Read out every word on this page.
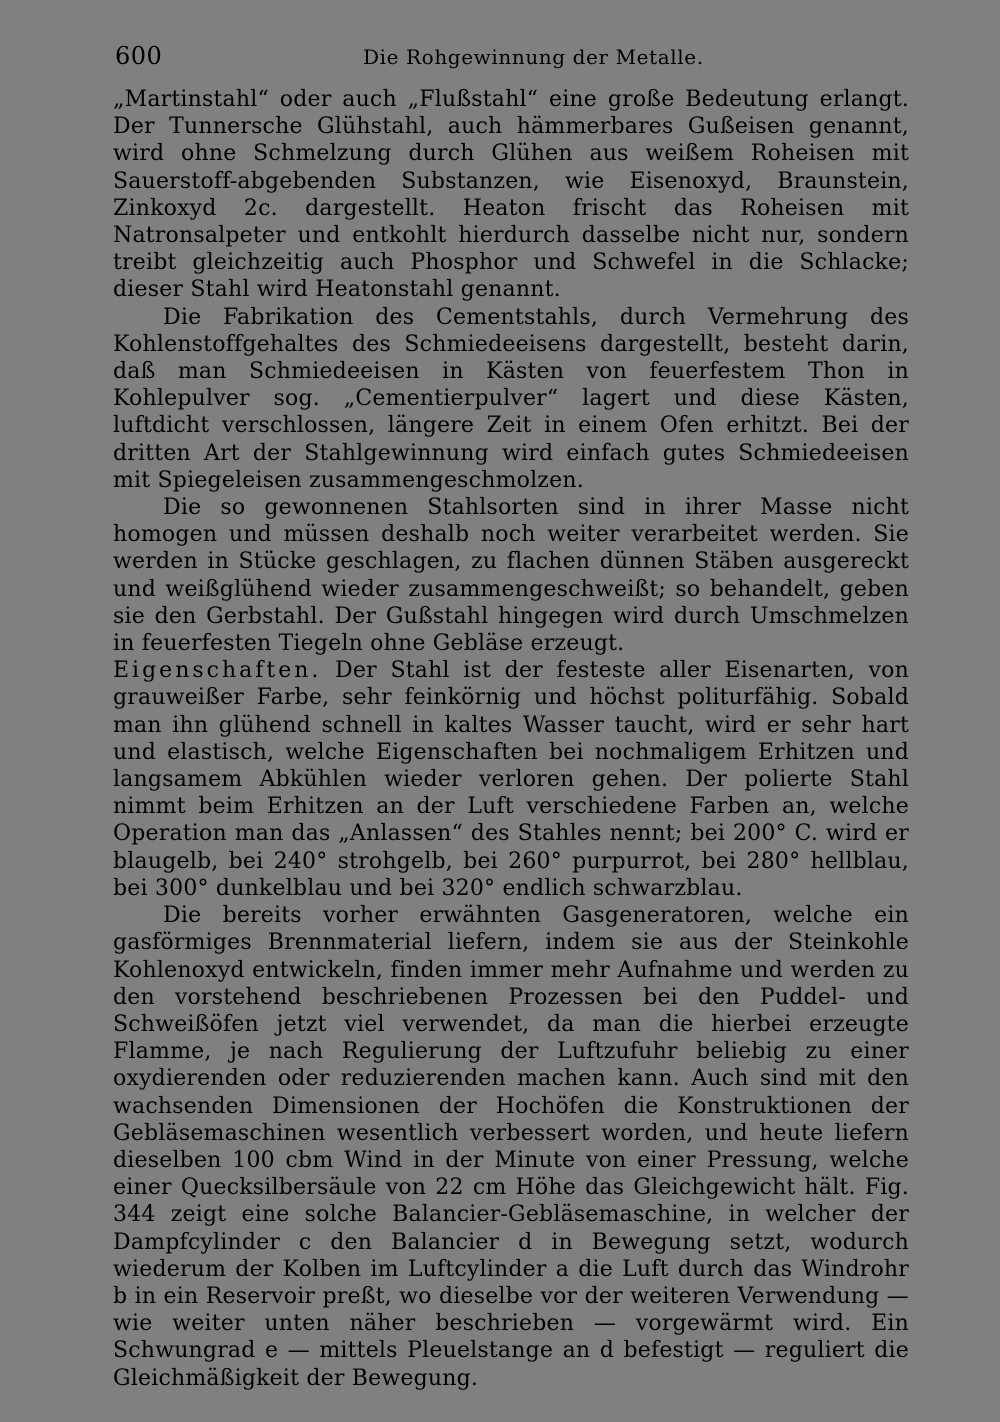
600	Die Rohgewinnung der Metalle.

„Martinstahl“ oder auch „Flußstahl“ eine große Bedeutung erlangt. Der Tunnersche Glühstahl, auch hämmerbares Gußeisen genannt, wird ohne Schmelzung durch Glühen aus weißem Roheisen mit Sauerstoff-abgebenden Substanzen, wie Eisenoxyd, Braunstein, Zinkoxyd 2c. dargestellt. Heaton frischt das Roheisen mit Natronsalpeter und entkohlt hierdurch dasselbe nicht nur, sondern treibt gleichzeitig auch Phosphor und Schwefel in die Schlacke; dieser Stahl wird Heatonstahl genannt.

Die Fabrikation des Cementstahls, durch Vermehrung des Kohlenstoffgehaltes des Schmiedeeisens dargestellt, besteht darin, daß man Schmiedeeisen in Kästen von feuerfestem Thon in Kohlepulver sog. „Cementierpulver“ lagert und diese Kästen, luftdicht verschlossen, längere Zeit in einem Ofen erhitzt. Bei der dritten Art der Stahlgewinnung wird einfach gutes Schmiedeeisen mit Spiegeleisen zusammengeschmolzen.

Die so gewonnenen Stahlsorten sind in ihrer Masse nicht homogen und müssen deshalb noch weiter verarbeitet werden. Sie werden in Stücke geschlagen, zu flachen dünnen Stäben ausgereckt und weißglühend wieder zusammengeschweißt; so behandelt, geben sie den Gerbstahl. Der Gußstahl hingegen wird durch Umschmelzen in feuerfesten Tiegeln ohne Gebläse erzeugt.

Eigenschaften. Der Stahl ist der festeste aller Eisenarten, von grauweißer Farbe, sehr feinkörnig und höchst politurfähig. Sobald man ihn glühend schnell in kaltes Wasser taucht, wird er sehr hart und elastisch, welche Eigenschaften bei nochmaligem Erhitzen und langsamem Abkühlen wieder verloren gehen. Der polierte Stahl nimmt beim Erhitzen an der Luft verschiedene Farben an, welche Operation man das „Anlassen“ des Stahles nennt; bei 200° C. wird er blaugelb, bei 240° strohgelb, bei 260° purpurrot, bei 280° hellblau, bei 300° dunkelblau und bei 320° endlich schwarzblau.

Die bereits vorher erwähnten Gasgeneratoren, welche ein gasförmiges Brennmaterial liefern, indem sie aus der Steinkohle Kohlenoxyd entwickeln, finden immer mehr Aufnahme und werden zu den vorstehend beschriebenen Prozessen bei den Puddel- und Schweißöfen jetzt viel verwendet, da man die hierbei erzeugte Flamme, je nach Regulierung der Luftzufuhr beliebig zu einer oxydierenden oder reduzierenden machen kann. Auch sind mit den wachsenden Dimensionen der Hochöfen die Konstruktionen der Gebläsemaschinen wesentlich verbessert worden, und heute liefern dieselben 100 cbm Wind in der Minute von einer Pressung, welche einer Quecksilbersäule von 22 cm Höhe das Gleichgewicht hält. Fig. 344 zeigt eine solche Balancier-Gebläsemaschine, in welcher der Dampfcylinder c den Balancier d in Bewegung setzt, wodurch wiederum der Kolben im Luftcylinder a die Luft durch das Windrohr b in ein Reservoir preßt, wo dieselbe vor der weiteren Verwendung — wie weiter unten näher beschrieben — vorgewärmt wird. Ein Schwungrad e — mittels Pleuelstange an d befestigt — reguliert die Gleichmäßigkeit der Bewegung.
